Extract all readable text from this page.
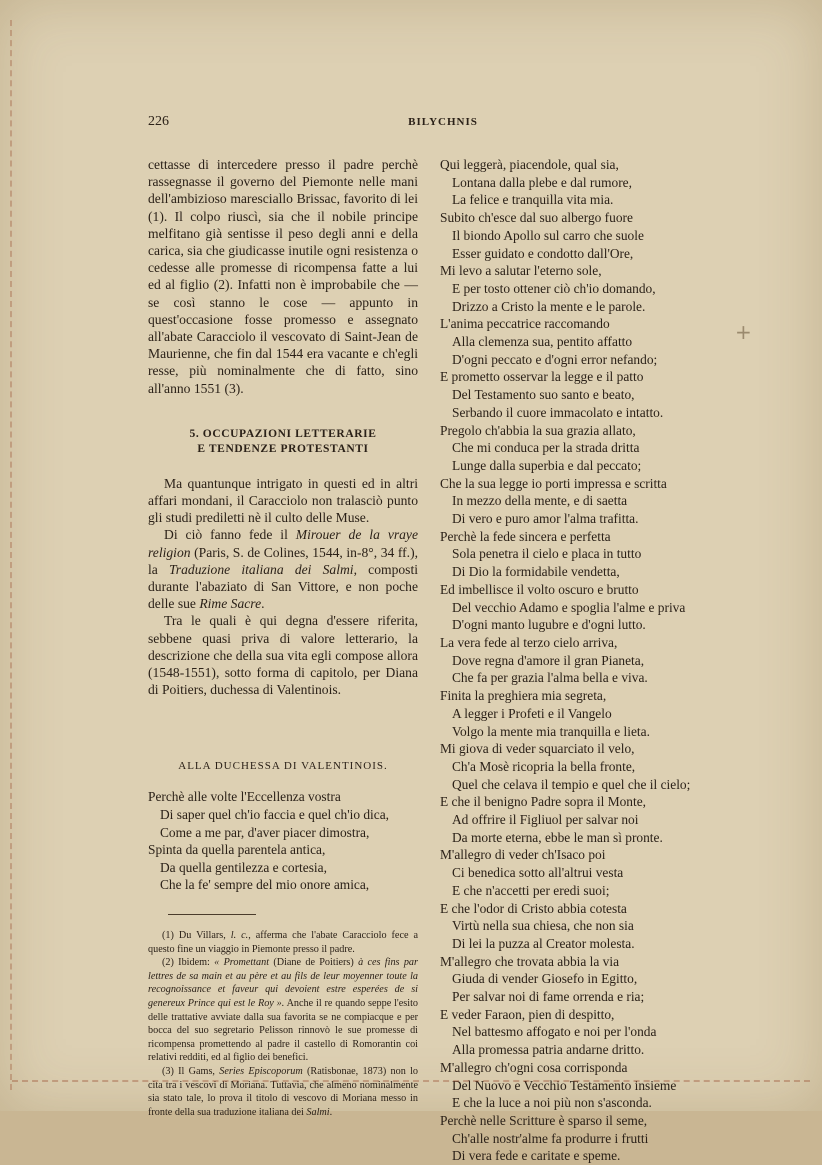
226	BILYCHNIS

cettasse di intercedere presso il padre perchè rassegnasse il governo del Piemonte nelle mani dell'ambizioso maresciallo Brissac, favorito di lei (1). Il colpo riuscì, sia che il nobile principe melfitano già sentisse il peso degli anni e della carica, sia che giudicasse inutile ogni resistenza o cedesse alle promesse di ricompensa fatte a lui ed al figlio (2). Infatti non è improbabile che — se così stanno le cose — appunto in quest'occasione fosse promesso e assegnato all'abate Caracciolo il vescovato di Saint-Jean de Maurienne, che fin dal 1544 era vacante e ch'egli resse, più nominalmente che di fatto, sino all'anno 1551 (3).

5. OCCUPAZIONI LETTERARIE
E TENDENZE PROTESTANTI

Ma quantunque intrigato in questi ed in altri affari mondani, il Caracciolo non tralasciò punto gli studi prediletti nè il culto delle Muse.

Di ciò fanno fede il Mirouer de la vraye religion (Paris, S. de Colines, 1544, in-8°, 34 ff.), la Traduzione italiana dei Salmi, composti durante l'abaziato di San Vittore, e non poche delle sue Rime Sacre.

Tra le quali è qui degna d'essere riferita, sebbene quasi priva di valore letterario, la descrizione che della sua vita egli compose allora (1548-1551), sotto forma di capitolo, per Diana di Poitiers, duchessa di Valentinois.

ALLA DUCHESSA DI VALENTINOIS.
Perchè alle volte l'Eccellenza vostra
Di saper quel ch'io faccia e quel ch'io dica,
Come a me par, d'aver piacer dimostra,
Spinta da quella parentela antica,
Da quella gentilezza e cortesia,
Che la fe' sempre del mio onore amica,

(1) Du Villars, l. c., afferma che l'abate Caracciolo fece a questo fine un viaggio in Piemonte presso il padre.

(2) Ibidem: « Promettant (Diane de Poitiers) à ces fins par lettres de sa main et au père et au fils de leur moyenner toute la recognoissance et faveur qui devoient estre esperées de si genereux Prince qui est le Roy ». Anche il re quando seppe l'esito delle trattative avviate dalla sua favorita se ne compiacque e per bocca del suo segretario Pelisson rinnovò le sue promesse di ricompensa promettendo al padre il castello di Romorantin coi relativi redditi, ed al figlio dei benefici.

(3) Il Gams, Series Episcoporum (Ratisbonae, 1873) non lo cita tra i vescovi di Moriana. Tuttavia, che almeno nominalmente sia stato tale, lo prova il titolo di vescovo di Moriana messo in fronte della sua traduzione italiana dei Salmi.

Qui leggerà, piacendole, qual sia,
Lontana dalla plebe e dal rumore,
La felice e tranquilla vita mia.
Subito ch'esce dal suo albergo fuore
Il biondo Apollo sul carro che suole
Esser guidato e condotto dall'Ore,
Mi levo a salutar l'eterno sole,
E per tosto ottener ciò ch'io domando,
Drizzo a Cristo la mente e le parole.
L'anima peccatrice raccomando
Alla clemenza sua, pentito affatto
D'ogni peccato e d'ogni error nefando;
E prometto osservar la legge e il patto
Del Testamento suo santo e beato,
Serbando il cuore immacolato e intatto.
Pregolo ch'abbia la sua grazia allato,
Che mi conduca per la strada dritta
Lunge dalla superbia e dal peccato;
Che la sua legge io porti impressa e scritta
In mezzo della mente, e di saetta
Di vero e puro amor l'alma trafitta.
Perchè la fede sincera e perfetta
Sola penetra il cielo e placa in tutto
Di Dio la formidabile vendetta,
Ed imbellisce il volto oscuro e brutto
Del vecchio Adamo e spoglia l'alme e priva
D'ogni manto lugubre e d'ogni lutto.
La vera fede al terzo cielo arriva,
Dove regna d'amore il gran Pianeta,
Che fa per grazia l'alma bella e viva.
Finita la preghiera mia segreta,
A legger i Profeti e il Vangelo
Volgo la mente mia tranquilla e lieta.
Mi giova di veder squarciato il velo,
Ch'a Mosè ricopria la bella fronte,
Quel che celava il tempio e quel che il cielo;
E che il benigno Padre sopra il Monte,
Ad offrire il Figliuol per salvar noi
Da morte eterna, ebbe le man sì pronte.
M'allegro di veder ch'Isaco poi
Ci benedica sotto all'altrui vesta
E che n'accetti per eredi suoi;
E che l'odor di Cristo abbia cotesta
Virtù nella sua chiesa, che non sia
Di lei la puzza al Creator molesta.
M'allegro che trovata abbia la via
Giuda di vender Giosefo in Egitto,
Per salvar noi di fame orrenda e ria;
E veder Faraon, pien di despitto,
Nel battesmo affogato e noi per l'onda
Alla promessa patria andarne dritto.
M'allegro ch'ogni cosa corrisponda
Del Nuovo e Vecchio Testamento insieme
E che la luce a noi più non s'asconda.
Perchè nelle Scritture è sparso il seme,
Ch'alle nostr'alme fa produrre i frutti
Di vera fede e caritate e speme.
+
